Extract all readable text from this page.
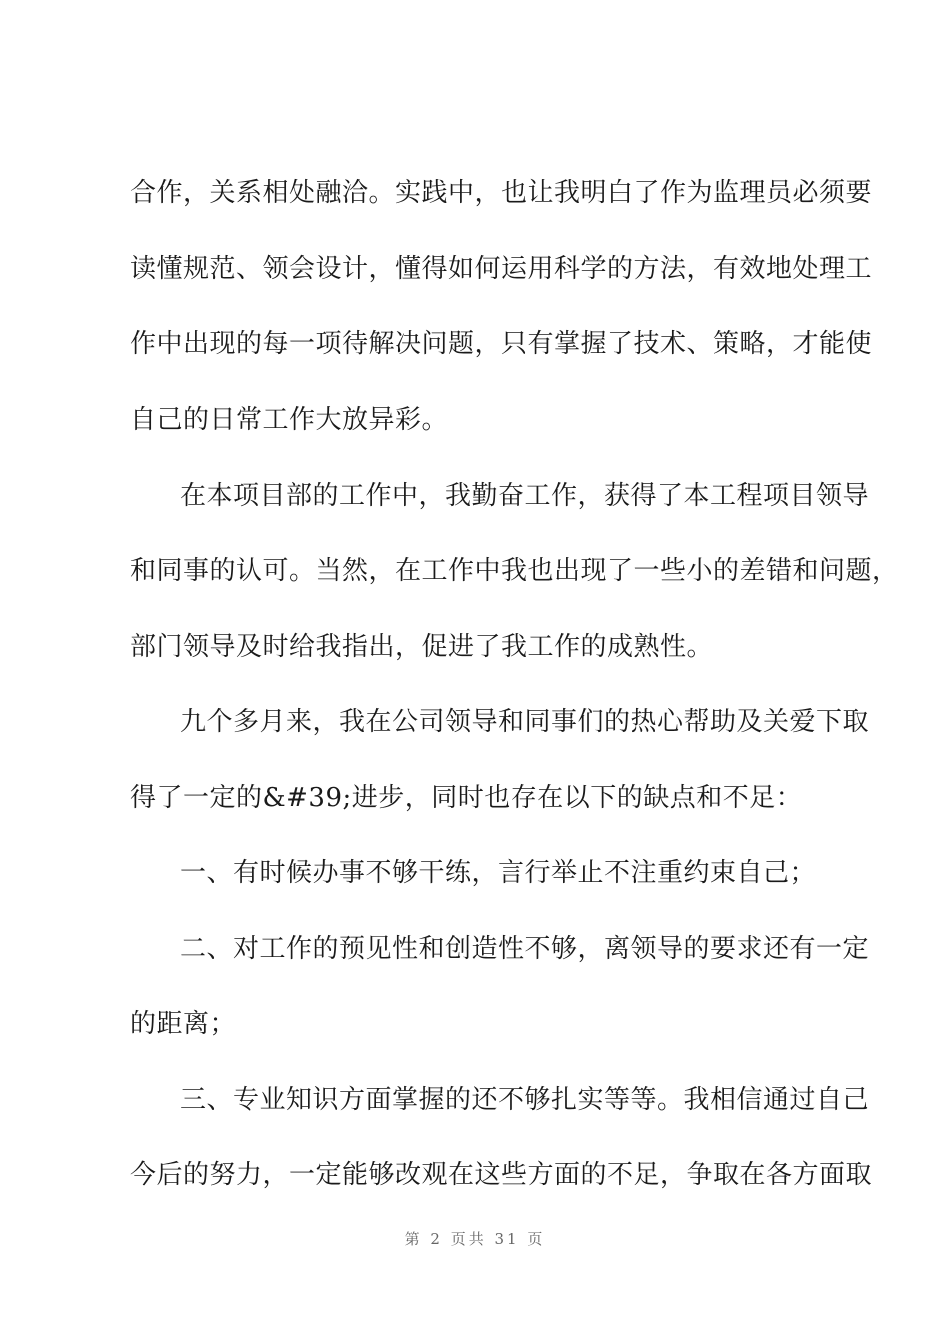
合作，关系相处融洽。实践中，也让我明白了作为监理员必须要
读懂规范、领会设计，懂得如何运用科学的方法，有效地处理工
作中出现的每一项待解决问题，只有掌握了技术、策略，才能使
自己的日常工作大放异彩。
在本项目部的工作中，我勤奋工作，获得了本工程项目领导
和同事的认可。当然，在工作中我也出现了一些小的差错和问题，
部门领导及时给我指出，促进了我工作的成熟性。
九个多月来，我在公司领导和同事们的热心帮助及关爱下取
得了一定的&#39;进步，同时也存在以下的缺点和不足：
一、有时候办事不够干练，言行举止不注重约束自己；
二、对工作的预见性和创造性不够，离领导的要求还有一定
的距离；
三、专业知识方面掌握的还不够扎实等等。我相信通过自己
今后的努力，一定能够改观在这些方面的不足，争取在各方面取
第 2 页共 31 页
